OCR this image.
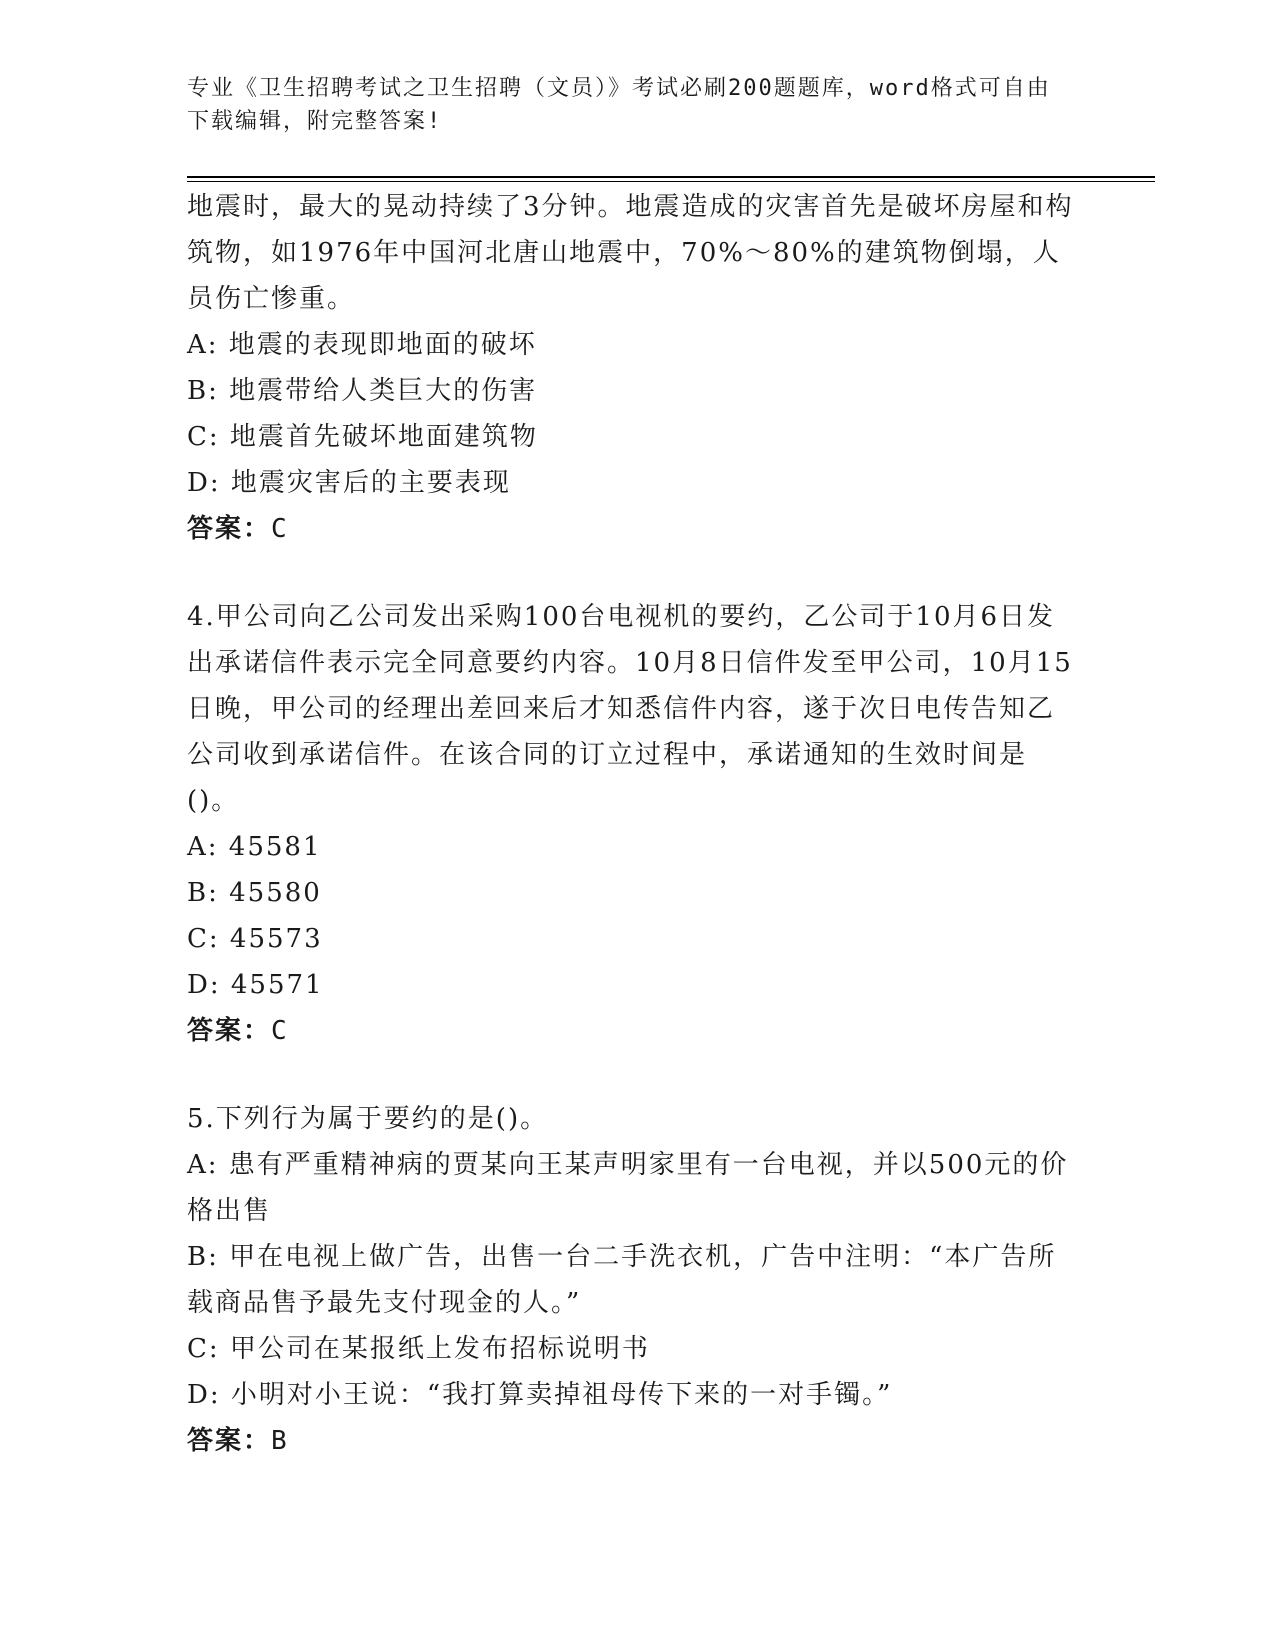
专业《卫生招聘考试之卫生招聘（文员）》考试必刷200题题库，word格式可自由下载编辑，附完整答案!

地震时，最大的晃动持续了3分钟。地震造成的灾害首先是破坏房屋和构筑物，如1976年中国河北唐山地震中，70%～80%的建筑物倒塌，人员伤亡惨重。

A: 地震的表现即地面的破坏

B: 地震带给人类巨大的伤害

C: 地震首先破坏地面建筑物

D: 地震灾害后的主要表现

答案：C

4.甲公司向乙公司发出采购100台电视机的要约，乙公司于10月6日发出承诺信件表示完全同意要约内容。10月8日信件发至甲公司，10月15日晚，甲公司的经理出差回来后才知悉信件内容，遂于次日电传告知乙公司收到承诺信件。在该合同的订立过程中，承诺通知的生效时间是()。

A: 45581

B: 45580

C: 45573

D: 45571

答案：C

5.下列行为属于要约的是()。

A: 患有严重精神病的贾某向王某声明家里有一台电视，并以500元的价格出售

B: 甲在电视上做广告，出售一台二手洗衣机，广告中注明：“本广告所载商品售予最先支付现金的人。”

C: 甲公司在某报纸上发布招标说明书

D: 小明对小王说：“我打算卖掉祖母传下来的一对手镯。”

答案：B
